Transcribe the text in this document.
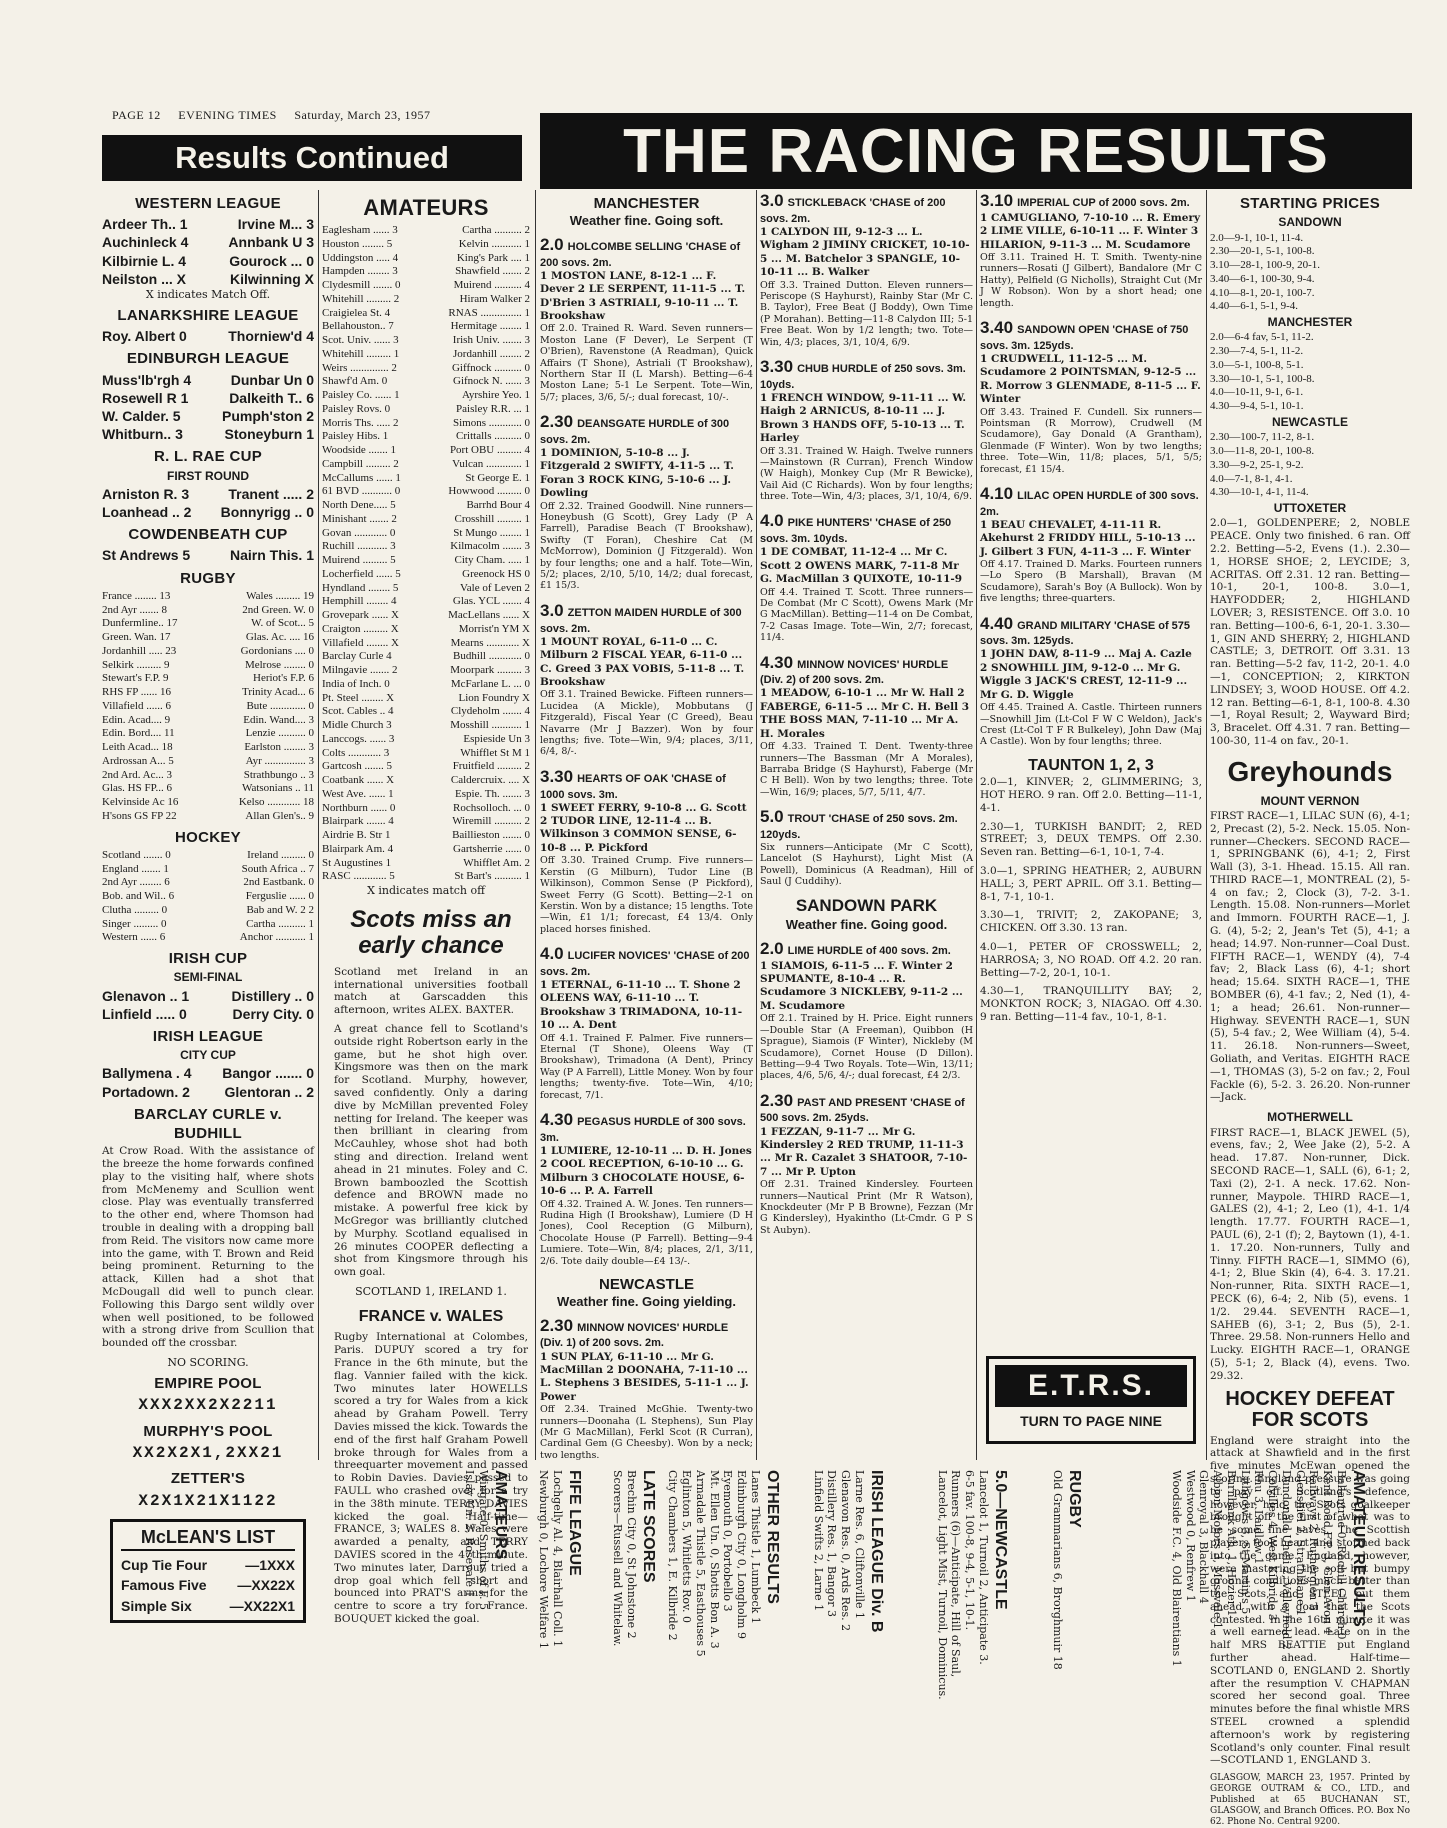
PAGE 12 EVENING TIMES Saturday, March 23, 1957
Results Continued	THE RACING RESULTS
WESTERN LEAGUE
Ardeer Th.. 1	Irvine M... 3
Auchinleck 4	Annbank U 3
Kilbirnie L. 4	Gourock ... 0
Neilston ... X	Kilwinning X
X indicates Match Off.
LANARKSHIRE LEAGUE
Roy. Albert 0	Thorniew'd 4
EDINBURGH LEAGUE
Muss'lb'rgh 4	Dunbar Un 0
Rosewell R 1	Dalkeith T.. 6
W. Calder. 5	Pumph'ston 2
Whitburn.. 3	Stoneyburn 1
R. L. RAE CUP
FIRST ROUND
Arniston R. 3	Tranent ..... 2
Loanhead .. 2 Bonnyrigg .. 0
COWDENBEATH CUP
St Andrews 5	Nairn This. 1
RUGBY
France ........ 13	Wales ......... 19
2nd Ayr ....... 8	2nd Green. W. 0
Dunfermline.. 17	W. of Scot... 5
Green. Wan. 17	Glas. Ac. .... 16
Jordanhill ..... 23	Gordonians .... 0
Selkirk ......... 9	Melrose ........ 0
Stewart's F.P. 9	Heriot's F.P. 6
RHS FP ...... 16	Trinity Acad... 6
Villafield ...... 6	Bute ............. 0
Edin. Acad.... 9	Edin. Wand.... 3
Edin. Bord.... 11	Lenzie .......... 0
Leith Acad... 18	Earlston ........ 3
Ardrossan A... 5	Ayr ............... 3
2nd Ard. Ac... 3	Strathbungo .. 3
Glas. HS FP... 6	Watsonians .. 11
Kelvinside Ac 16	Kelso ............ 18
H'sons GS FP 22	Allan Glen's.. 9
HOCKEY
Scotland ....... 0	Ireland ......... 0
England ....... 1	South Africa .. 7
2nd Ayr ........ 6	2nd Eastbank. 0
Bob. and Wil.. 6	Ferguslie ...... 0
Clutha ......... 0	Bab and W. 2 2
Singer ......... 0	Cartha .......... 1
Western ...... 6	Anchor ........... 1
IRISH CUP
SEMI-FINAL
Glenavon .. 1	Distillery .. 0
Linfield ..... 0	Derry City. 0
IRISH LEAGUE
CITY CUP
Ballymena . 4 Bangor ....... 0
Portadown. 2 Glentoran .. 2
BARCLAY CURLE v. BUDHILL

At Crow Road. With the assistance of the breeze the home forwards confined play to the visiting half, where shots from McMenemy and Scullion went close. Play was eventually transferred to the other end, where Thomson had trouble in dealing with a dropping ball from Reid. The visitors now came more into the game, with T. Brown and Reid being prominent. Returning to the attack, Killen had a shot that McDougall did well to punch clear. Following this Dargo sent wildly over when well positioned, to be followed with a strong drive from Scullion that bounded off the crossbar.

NO SCORING.
EMPIRE POOL
XXX2XX2X2211
MURPHY'S POOL
XX2X2X1,2XX21
ZETTER'S
X2X1X21X1122
McLEAN'S LIST
Cup Tie Four	—1XXX
Famous Five —XX22X
Simple Six	—XX22X1
AMATEURS
Eaglesham ...... 3	Cartha .......... 2
Houston ........ 5	Kelvin ........... 1
Uddingston ..... 4	King's Park .... 1
Hampden ........ 3	Shawfield ....... 2
Clydesmill ....... 0	Muirend .......... 4
Whitehill ......... 2	Hiram Walker 2
Craigielea St. 4	RNAS ............... 1
Bellahouston.. 7	Hermitage ........ 1
Scot. Univ. ...... 3	Irish Univ. ....... 3
Whitehill ......... 1	Jordanhill ........ 2
Weirs .............. 2	Giffnock .......... 0
Shawf'd Am. 0	Gifnock N. ...... 3
Paisley Co. ...... 1	Ayrshire Yeo. 1
Paisley Rovs. 0	Paisley R.R. ... 1
Morris Ths. ..... 2	Simons ............ 0
Paisley Hibs. 1	Crittalls .......... 0
Woodside ....... 1	Port OBU ......... 4
Campbill ......... 2	Vulcan ............. 1
McCallums ...... 1	St George E. 1
61 BVD ........... 0	Howwood ......... 0
North Dene..... 5	Barrhd Bour 4
Minishant ....... 2	Crosshill ......... 1
Govan ............ 0	St Mungo ........ 1
Ruchill ........... 3	Kilmacolm ....... 3
Muirend ......... 5	City Cham. ..... 1
Locherfield ...... 5	Greenock HS 0
Hyndland ........ 5	Vale of Leven 2
Hemphill ........ 4	Glas. YCL ....... 4
Grovepark ...... X	MacLellans ...... X
Craigton ......... X	Morrist'n YM X
Villafield ........ X	Mearns ............ X
Barclay Curle 4	Budhill ............ 0
Milngavie ....... 2	Moorpark ......... 3
India of Inch. 0	McFarlane L. ... 0
Pt. Steel ........ X	Lion Foundry X
Scot. Cables .. 4	Clydeholm ....... 4
Midle Church 3	Mosshill ........... 1
Lanccogs. ...... 3	Espieside Un 3
Colts ............ 3	Whifflet St M 1
Gartcosh ....... 5	Fruitfield ......... 2
Coatbank ...... X	Caldercruix. .... X
West Ave. ...... 1	Espie. Th. ....... 3
Northburn ...... 0	Rochsolloch. ... 0
Blairpark ....... 4	Wiremill .......... 2
Airdrie B. Str 1	Baillieston ....... 0
Blairpark Am. 4	Gartsherrie ...... 0
St Augustines 1	Whifflet Am. 2
RASC ............ 5	St Bart's .......... 1
X indicates match off
Scots miss an early chance

Scotland met Ireland in an international universities football match at Garscadden this afternoon, writes ALEX. BAXTER.

A great chance fell to Scotland's outside right Robertson early in the game, but he shot high over. Kingsmore was then on the mark for Scotland. Murphy, however, saved confidently. Only a daring dive by McMillan prevented Foley netting for Ireland. The keeper was then brilliant in clearing from McCauhley, whose shot had both sting and direction. Ireland went ahead in 21 minutes. Foley and C. Brown bamboozled the Scottish defence and BROWN made no mistake. A powerful free kick by McGregor was brilliantly clutched by Murphy. Scotland equalised in 26 minutes COOPER deflecting a shot from Kingsmore through his own goal.

SCOTLAND 1, IRELAND 1.
FRANCE v. WALES

Rugby International at Colombes, Paris. DUPUY scored a try for France in the 6th minute, but the flag. Vannier failed with the kick. Two minutes later HOWELLS scored a try for Wales from a kick ahead by Graham Powell. Terry Davies missed the kick. Towards the end of the first half Graham Powell broke through for Wales from a threequarter movement and passed to Robin Davies. Davies passed to FAULL who crashed over for a try in the 38th minute. TERRY DAVIES kicked the goal. Half-time—FRANCE, 3; WALES 8. Wales were awarded a penalty, and TERRY DAVIES scored in the 47th minute. Two minutes later, Darrouy tried a drop goal which fell short and bounced into PRAT'S arms for the centre to score a try for France. BOUQUET kicked the goal.

MANCHESTER
Weather fine. Going soft.
2.0 HOLCOMBE SELLING 'CHASE of 200 sovs. 2m.
1 MOSTON LANE, 8-12-1 ... F. Dever 2 LE SERPENT, 11-11-5 ... T. D'Brien 3 ASTRIALI, 9-10-11 ... T. Brookshaw
Off 2.0. Trained R. Ward. Seven runners—Moston Lane (F Dever), Le Serpent (T O'Brien), Ravenstone (A Readman), Quick Affairs (T Shone), Astriali (T Brookshaw), Northern Star II (L Marsh). Betting—6-4 Moston Lane; 5-1 Le Serpent. Tote—Win, 5/7; places, 3/6, 5/-; dual forecast, 10/-.
2.30 DEANSGATE HURDLE of 300 sovs. 2m.
1 DOMINION, 5-10-8 ... J. Fitzgerald 2 SWIFTY, 4-11-5 ... T. Foran 3 ROCK KING, 5-10-6 ... J. Dowling
Off 2.32. Trained Goodwill. Nine runners—Honeybush (G Scott), Grey Lady (P A Farrell), Paradise Beach (T Brookshaw), Swifty (T Foran), Cheshire Cat (M McMorrow), Dominion (J Fitzgerald). Won by four lengths; one and a half. Tote—Win, 5/2; places, 2/10, 5/10, 14/2; dual forecast, £1 15/3.
3.0 ZETTON MAIDEN HURDLE of 300 sovs. 2m.
1 MOUNT ROYAL, 6-11-0 ... C. Milburn 2 FISCAL YEAR, 6-11-0 ... C. Greed 3 PAX VOBIS, 5-11-8 ... T. Brookshaw
Off 3.1. Trained Bewicke. Fifteen runners—Lucidea (A Mickle), Mobbutans (J Fitzgerald), Fiscal Year (C Greed), Beau Navarre (Mr J Bazzer). Won by four lengths; five. Tote—Win, 9/4; places, 3/11, 6/4, 8/-.
3.30 HEARTS OF OAK 'CHASE of 1000 sovs. 3m.
1 SWEET FERRY, 9-10-8 ... G. Scott 2 TUDOR LINE, 12-11-4 ... B. Wilkinson 3 COMMON SENSE, 6-10-8 ... P. Pickford
Off 3.30. Trained Crump. Five runners—Kerstin (G Milburn), Tudor Line (B Wilkinson), Common Sense (P Pickford), Sweet Ferry (G Scott). Betting—2-1 on Kerstin. Won by a distance; 15 lengths. Tote—Win, £1 1/1; forecast, £4 13/4. Only placed horses finished.
4.0 LUCIFER NOVICES' 'CHASE of 200 sovs. 2m.
1 ETERNAL, 6-11-10 ... T. Shone 2 OLEENS WAY, 6-11-10 ... T. Brookshaw 3 TRIMADONA, 10-11-10 ... A. Dent
Off 4.1. Trained F. Palmer. Five runners—Eternal (T Shone), Oleens Way (T Brookshaw), Trimadona (A Dent), Princy Way (P A Farrell), Little Money. Won by four lengths; twenty-five. Tote—Win, 4/10; forecast, 7/1.
4.30 PEGASUS HURDLE of 300 sovs. 3m.
1 LUMIERE, 12-10-11 ... D. H. Jones 2 COOL RECEPTION, 6-10-10 ... G. Milburn 3 CHOCOLATE HOUSE, 6-10-6 ... P. A. Farrell
Off 4.32. Trained A. W. Jones. Ten runners—Rudina High (I Brookshaw), Lumiere (D H Jones), Cool Reception (G Milburn), Chocolate House (P Farrell). Betting—9-4 Lumiere. Tote—Win, 8/4; places, 2/1, 3/11, 2/6. Tote daily double—£4 13/-.
NEWCASTLE
Weather fine. Going yielding.
2.30 MINNOW NOVICES' HURDLE (Div. 1) of 200 sovs. 2m.
1 SUN PLAY, 6-11-10 ... Mr G. MacMillan 2 DOONAHA, 7-11-10 ... L. Stephens 3 BESIDES, 5-11-1 ... J. Power
Off 2.34. Trained McGhie. Twenty-two runners—Doonaha (L Stephens), Sun Play (Mr G MacMillan), Ferkl Scot (R Curran), Cardinal Gem (G Cheesby). Won by a neck; two lengths.
3.0 STICKLEBACK 'CHASE of 200 sovs. 2m.
1 CALYDON III, 9-12-3 ... L. Wigham 2 JIMINY CRICKET, 10-10-5 ... M. Batchelor 3 SPANGLE, 10-10-11 ... B. Walker
Off 3.3. Trained Dutton. Eleven runners—Periscope (S Hayhurst), Rainby Star (Mr C. B. Taylor), Free Beat (J Boddy), Own Time (P Morahan). Betting—11-8 Calydon III; 5-1 Free Beat. Won by 1/2 length; two. Tote—Win, 4/3; places, 3/1, 10/4, 6/9.
3.30 CHUB HURDLE of 250 sovs. 3m. 10yds.
1 FRENCH WINDOW, 9-11-11 ... W. Haigh 2 ARNICUS, 8-10-11 ... J. Brown 3 HANDS OFF, 5-10-13 ... T. Harley
Off 3.31. Trained W. Haigh. Twelve runners—Mainstown (R Curran), French Window (W Haigh), Monkey Cup (Mr R Bewicke), Vail Aid (C Richards). Won by four lengths; three. Tote—Win, 4/3; places, 3/1, 10/4, 6/9.
4.0 PIKE HUNTERS' 'CHASE of 250 sovs. 3m. 10yds.
1 DE COMBAT, 11-12-4 ... Mr C. Scott 2 OWENS MARK, 7-11-8 Mr G. MacMillan 3 QUIXOTE, 10-11-9
Off 4.4. Trained T. Scott. Three runners—De Combat (Mr C Scott), Owens Mark (Mr G MacMillan). Betting—11-4 on De Combat, 7-2 Casas Image. Tote—Win, 2/7; forecast, 11/4.
4.30 MINNOW NOVICES' HURDLE (Div. 2) of 200 sovs. 2m.
1 MEADOW, 6-10-1 ... Mr W. Hall 2 FABERGE, 6-11-5 ... Mr C. H. Bell 3 THE BOSS MAN, 7-11-10 ... Mr A. H. Morales
Off 4.33. Trained T. Dent. Twenty-three runners—The Bassman (Mr A Morales), Barraba Bridge (S Hayhurst), Faberge (Mr C H Bell). Won by two lengths; three. Tote—Win, 16/9; places, 5/7, 5/11, 4/7.
5.0 TROUT 'CHASE of 250 sovs. 2m. 120yds.
Six runners—Anticipate (Mr C Scott), Lancelot (S Hayhurst), Light Mist (A Powell), Dominicus (A Readman), Hill of Saul (J Cuddihy).
SANDOWN PARK
Weather fine. Going good.
2.0 LIME HURDLE of 400 sovs. 2m.
1 SIAMOIS, 6-11-5 ... F. Winter 2 SPUMANTE, 8-10-4 ... R. Scudamore 3 NICKLEBY, 9-11-2 ... M. Scudamore
Off 2.1. Trained by H. Price. Eight runners—Double Star (A Freeman), Quibbon (H Sprague), Siamois (F Winter), Nickleby (M Scudamore), Cornet House (D Dillon). Betting—9-4 Two Royals. Tote—Win, 13/11; places, 4/6, 5/6, 4/-; dual forecast, £4 2/3.
2.30 PAST AND PRESENT 'CHASE of 500 sovs. 2m. 25yds.
1 FEZZAN, 9-11-7 ... Mr G. Kindersley 2 RED TRUMP, 11-11-3 ... Mr R. Cazalet 3 SHATOOR, 7-10-7 ... Mr P. Upton
Off 2.31. Trained Kindersley. Fourteen runners—Nautical Print (Mr R Watson), Knockdeuter (Mr P B Browne), Fezzan (Mr G Kindersley), Hyakintho (Lt-Cmdr. G P S St Aubyn).
3.10 IMPERIAL CUP of 2000 sovs. 2m.
1 CAMUGLIANO, 7-10-10 ... R. Emery 2 LIME VILLE, 6-10-11 ... F. Winter 3 HILARION, 9-11-3 ... M. Scudamore
Off 3.11. Trained H. T. Smith. Twenty-nine runners—Rosati (J Gilbert), Bandalore (Mr C Hatty), Pelfield (G Nicholls), Straight Cut (Mr J W Robson). Won by a short head; one length.
3.40 SANDOWN OPEN 'CHASE of 750 sovs. 3m. 125yds.
1 CRUDWELL, 11-12-5 ... M. Scudamore 2 POINTSMAN, 9-12-5 ... R. Morrow 3 GLENMADE, 8-11-5 ... F. Winter
Off 3.43. Trained F. Cundell. Six runners—Pointsman (R Morrow), Crudwell (M Scudamore), Gay Donald (A Grantham), Glenmade (F Winter). Won by two lengths; three. Tote—Win, 11/8; places, 5/1, 5/5; forecast, £1 15/4.
4.10 LILAC OPEN HURDLE of 300 sovs. 2m.
1 BEAU CHEVALET, 4-11-11 R. Akehurst 2 FRIDDY HILL, 5-10-13 ... J. Gilbert 3 FUN, 4-11-3 ... F. Winter
Off 4.17. Trained D. Marks. Fourteen runners—Lo Spero (B Marshall), Bravan (M Scudamore), Sarah's Boy (A Bullock). Won by five lengths; three-quarters.
4.40 GRAND MILITARY 'CHASE of 575 sovs. 3m. 125yds.
1 JOHN DAW, 8-11-9 ... Maj A. Cazle 2 SNOWHILL JIM, 9-12-0 ... Mr G. Wiggle 3 JACK'S CREST, 12-11-9 ... Mr G. D. Wiggle
Off 4.45. Trained A. Castle. Thirteen runners—Snowhill Jim (Lt-Col F W C Weldon), Jack's Crest (Lt-Col T F R Bulkeley), John Daw (Maj A Castle). Won by four lengths; three.
TAUNTON 1, 2, 3
2.0—1, KINVER; 2, GLIMMERING; 3, HOT HERO. 9 ran. Off 2.0. Betting—11-1, 4-1.
2.30—1, TURKISH BANDIT; 2, RED STREET; 3, DEUX TEMPS. Off 2.30. Seven ran. Betting—6-1, 10-1, 7-4.
3.0—1, SPRING HEATHER; 2, AUBURN HALL; 3, PERT APRIL. Off 3.1. Betting—8-1, 7-1, 10-1.
3.30—1, TRIVIT; 2, ZAKOPANE; 3, CHICKEN. Off 3.30. 13 ran.
4.0—1, PETER OF CROSSWELL; 2, HARROSA; 3, NO ROAD. Off 4.2. 20 ran. Betting—7-2, 20-1, 10-1.
4.30—1, TRANQUILLITY BAY; 2, MONKTON ROCK; 3, NIAGAO. Off 4.30. 9 ran. Betting—11-4 fav., 10-1, 8-1.
STARTING PRICES
SANDOWN
2.0—9-1, 10-1, 11-4.
2.30—20-1, 5-1, 100-8.
3.10—28-1, 100-9, 20-1.
3.40—6-1, 100-30, 9-4.
4.10—8-1, 20-1, 100-7.
4.40—6-1, 5-1, 9-4.
MANCHESTER
2.0—6-4 fav, 5-1, 11-2.
2.30—7-4, 5-1, 11-2.
3.0—5-1, 100-8, 5-1.
3.30—10-1, 5-1, 100-8.
4.0—10-11, 9-1, 6-1.
4.30—9-4, 5-1, 10-1.
NEWCASTLE
2.30—100-7, 11-2, 8-1.
3.0—11-8, 20-1, 100-8.
3.30—9-2, 25-1, 9-2.
4.0—7-1, 8-1, 4-1.
4.30—10-1, 4-1, 11-4.
UTTOXETER

2.0—1, GOLDENPERE; 2, NOBLE PEACE. Only two finished. 6 ran. Off 2.2. Betting—5-2, Evens (1.). 2.30—1, HORSE SHOE; 2, LEYCIDE; 3, ACRITAS. Off 2.31. 12 ran. Betting—10-1, 20-1, 100-8. 3.0—1, HAYFODDER; 2, HIGHLAND LOVER; 3, RESISTENCE. Off 3.0. 10 ran. Betting—100-6, 6-1, 20-1. 3.30—1, GIN AND SHERRY; 2, HIGHLAND CASTLE; 3, DETROIT. Off 3.31. 13 ran. Betting—5-2 fav, 11-2, 20-1. 4.0—1, CONCEPTION; 2, KIRKTON LINDSEY; 3, WOOD HOUSE. Off 4.2. 12 ran. Betting—6-1, 8-1, 100-8. 4.30—1, Royal Result; 2, Wayward Bird; 3, Bracelet. Off 4.31. 7 ran. Betting—100-30, 11-4 on fav., 20-1.

Greyhounds
MOUNT VERNON

FIRST RACE—1, LILAC SUN (6), 4-1; 2, Precast (2), 5-2. Neck. 15.05. Non-runner—Checkers. SECOND RACE—1, SPRINGBANK (6), 4-1; 2, First Wall (3), 3-1. Hhead. 15.15. All ran. THIRD RACE—1, MONTREAL (2), 5-4 on fav.; 2, Clock (3), 7-2. 3-1. Length. 15.08. Non-runners—Morlet and Immorn. FOURTH RACE—1, J. G. (4), 5-2; 2, Jean's Tet (5), 4-1; a head; 14.97. Non-runner—Coal Dust. FIFTH RACE—1, WENDY (4), 7-4 fav; 2, Black Lass (6), 4-1; short head; 15.64. SIXTH RACE—1, THE BOMBER (6), 4-1 fav.; 2, Ned (1), 4-1; a head; 26.61. Non-runner—Highway. SEVENTH RACE—1, SUN (5), 5-4 fav.; 2, Wee William (4), 5-4. 11. 26.18. Non-runners—Sweet, Goliath, and Veritas. EIGHTH RACE—1, THOMAS (3), 5-2 on fav.; 2, Foul Fackle (6), 5-2. 3. 26.20. Non-runner—Jack.

MOTHERWELL

FIRST RACE—1, BLACK JEWEL (5), evens, fav.; 2, Wee Jake (2), 5-2. A head. 17.87. Non-runner, Dick. SECOND RACE—1, SALL (6), 6-1; 2, Taxi (2), 2-1. A neck. 17.62. Non-runner, Maypole. THIRD RACE—1, GALES (2), 4-1; 2, Leo (1), 4-1. 1/4 length. 17.77. FOURTH RACE—1, PAUL (6), 2-1 (f); 2, Baytown (1), 4-1. 1. 17.20. Non-runners, Tully and Tinny. FIFTH RACE—1, SIMMO (6), 4-1; 2, Blue Skin (4), 6-4. 3. 17.21. Non-runner, Rita. SIXTH RACE—1, PECK (6), 6-4; 2, Nib (5), evens. 1 1/2. 29.44. SEVENTH RACE—1, SAHEB (6), 3-1; 2, Bus (5), 2-1. Three. 29.58. Non-runners Hello and Lucky. EIGHTH RACE—1, ORANGE (5), 5-1; 2, Black (4), evens. Two. 29.32.

HOCKEY DEFEAT FOR SCOTS

England were straight into the attack at Shawfield and in the first five minutes McEwan opened the scoring. England pressure was going to pay off. Scotland's defence, however, held, the Scots goalkeeper brought off the first of what was to be some fine saves. The Scottish players took heart and stormed back into the game. England, however, were mastering the soft but bumpy ground conditions much better than the Scots, and STEEL put them ahead with a goal that the Scots contested. In the 16th minute it was a well earned lead. Late on in the half MRS BEATTIE put England further ahead. Half-time—SCOTLAND 0, ENGLAND 2. Shortly after the resumption V. CHAPMAN scored her second goal. Three minutes before the final whistle MRS STEEL crowned a splendid afternoon's work by registering Scotland's only counter. Final result—SCOTLAND 1, ENGLAND 3.

GLASGOW, MARCH 23, 1957. Printed by GEORGE OUTRAM & CO., LTD., and Published at 65 BUCHANAN ST., GLASGOW, and Branch Offices. P.O. Box No 62. Phone No. Central 9200.

E.T.R.S.
TURN TO PAGE NINE
AMATEURS
Wingate 0, Smiths of F. 5
Islay Un. 2, Rosevale 1	FIFE LEAGUE
Lochgelly Al. 4, Blairhall Coll. 1
Newburgh 0, Lochore Welfare 1	LATE SCORES
Brechin City 0, St Johnstone 2
Scorers—Russell and Whitelaw.	OTHER RESULTS
Lanes Thistle 1, Lumbeck 1
Edinburgh City 0, Longholm 9
Eyemouth 0, Portobello 3
Mt. Ellen Un. 0, Shotts Bon A. 3
Armadale Thistle 5, Easthouses 5
Eglinton 5, Whitletts Rov. 0
City Chambers 1, E. Kilbride 2	IRISH LEAGUE Div. B
Larne Res. 6, Cliftonville 1
Glenavon Res. 0, Ards Res. 2
Distillery Res. 1, Bangor 3
Linfield Swifts 2, Larne 1	5.0—NEWCASTLE
Lancelot 1, Turnoil 2, Anticipate 3.
6-5 fav. 100-8, 9-4, 5-1, 10-1.
Runners (6)—Anticipate, Hill of Saul, Lancelot, Light Mist, Turnoil, Dominicus.	RUGBY
Old Grammarians 6, Brorghmuir 18	AMATEUR RESULTS
Ballantrae 0, Rachill Church 0
Kent Road F.P. 3, Glen Avon 4
Railways 2, Rutherglen 5
Glenshiel 2, Strathblane 1
Dundonald Uheli 2, Valleyfield 2
Colvilles 4, West Kilbride 3
Rhu 3, Laidlaw 1
Lithgow's 3, St Martin's 5
Burnbank Ath. 1, Hozier 1
Albion Motors 3, Mossvale 1
Glenroyal 3, Blackhall 4
Westwood 0, Renfrew 1
Woodside F.C. 4, Old Blairentians 1
